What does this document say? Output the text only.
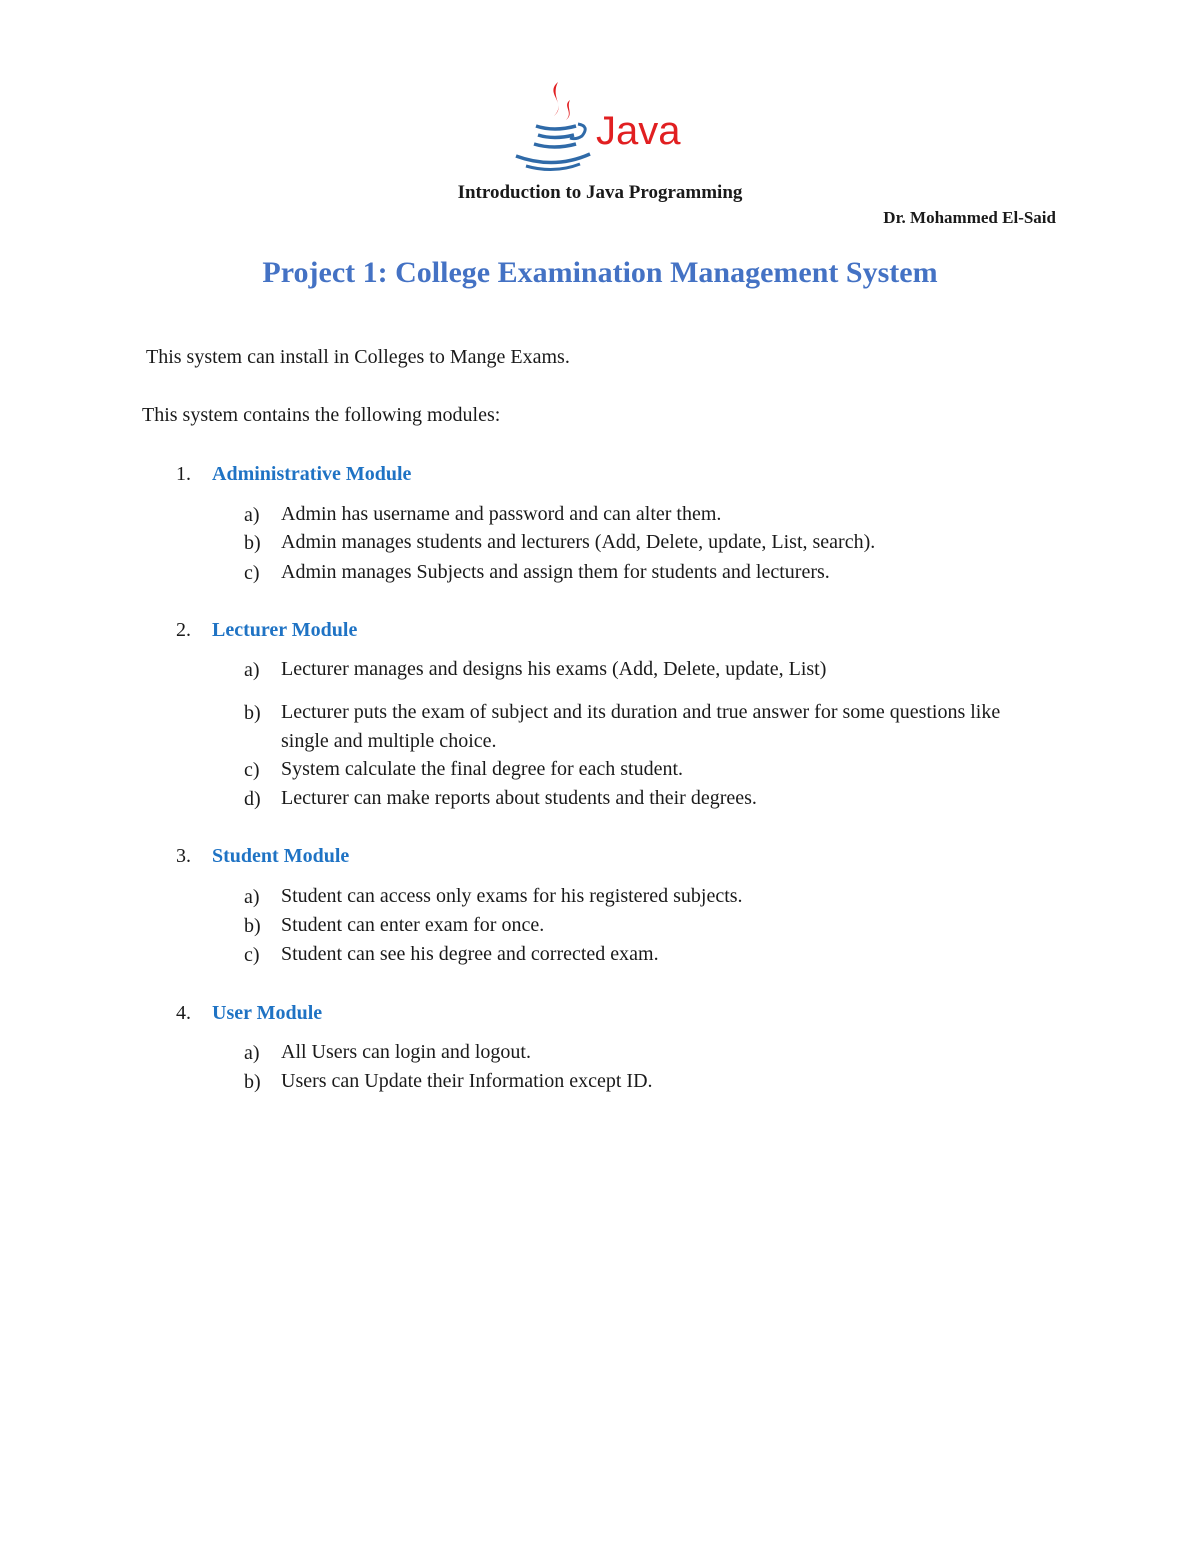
Java
Introduction to Java Programming
Dr. Mohammed El-Said
Project 1: College Examination Management System
This system can install in Colleges to Mange Exams.
This system contains the following modules:
1. Administrative Module
a) Admin has username and password and can alter them.
b) Admin manages students and lecturers (Add, Delete, update, List, search).
c) Admin manages Subjects and assign them for students and lecturers.
2. Lecturer Module
a) Lecturer manages and designs his exams (Add, Delete, update, List)
b) Lecturer puts the exam of subject and its duration and true answer for some questions like single and multiple choice.
c) System calculate the final degree for each student.
d) Lecturer can make reports about students and their degrees.
3. Student Module
a) Student can access only exams for his registered subjects.
b) Student can enter exam for once.
c) Student can see his degree and corrected exam.
4. User Module
a) All Users can login and logout.
b) Users can Update their Information except ID.
